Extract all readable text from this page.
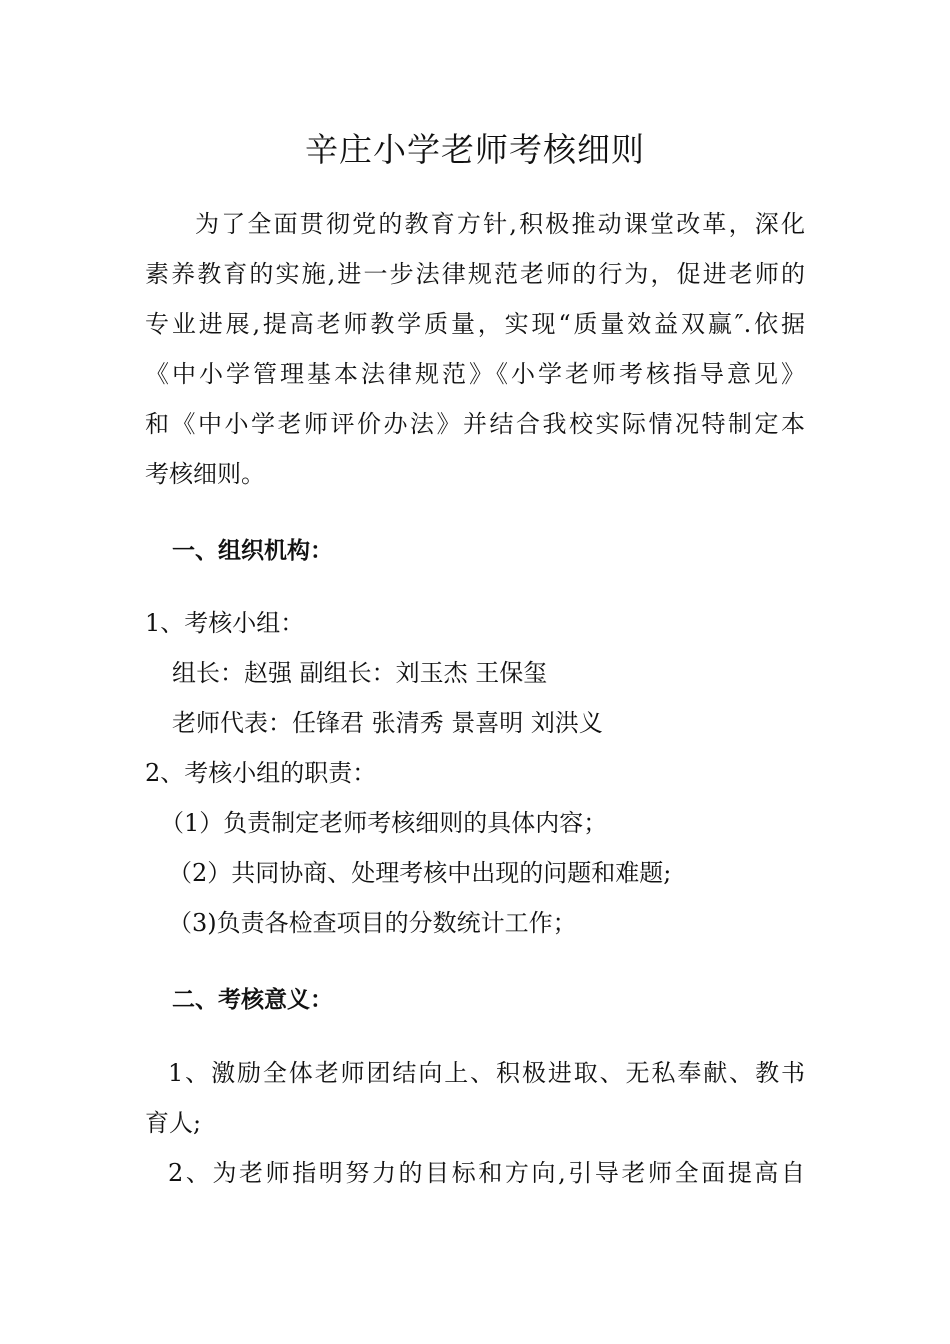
辛庄小学老师考核细则
为了全面贯彻党的教育方针,积极推动课堂改革，深化
素养教育的实施,进一步法律规范老师的行为，促进老师的
专业进展,提高老师教学质量，实现“质量效益双赢″.依据
《中小学管理基本法律规范》《小学老师考核指导意见》
和《中小学老师评价办法》并结合我校实际情况特制定本
考核细则。
一、组织机构：
1、考核小组：
组长：赵强 副组长：刘玉杰 王保玺
老师代表：任锋君 张清秀 景喜明 刘洪义
2、考核小组的职责：
（1）负责制定老师考核细则的具体内容；
（2）共同协商、处理考核中出现的问题和难题;
（3)负责各检查项目的分数统计工作；
二、考核意义：
1、激励全体老师团结向上、积极进取、无私奉献、教书
育人;
2、为老师指明努力的目标和方向,引导老师全面提高自
